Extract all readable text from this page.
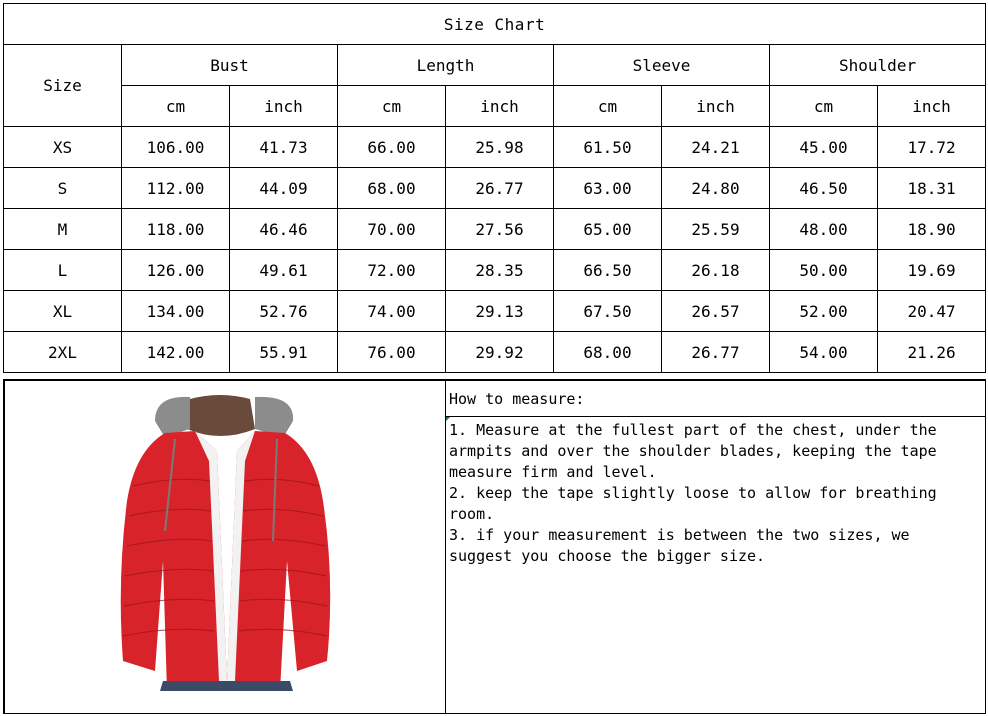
Size Chart								
Size	Bust		Length		Sleeve		Shoulder	
	cm	inch	cm	inch	cm	inch	cm	inch
XS	106.00	41.73	66.00	25.98	61.50	24.21	45.00	17.72
S	112.00	44.09	68.00	26.77	63.00	24.80	46.50	18.31
M	118.00	46.46	70.00	27.56	65.00	25.59	48.00	18.90
L	126.00	49.61	72.00	28.35	66.50	26.18	50.00	19.69
XL	134.00	52.76	74.00	29.13	67.50	26.57	52.00	20.47
2XL	142.00	55.91	76.00	29.92	68.00	26.77	54.00	21.26
How to measure:

1. Measure at the fullest part of the chest, under the armpits and over the shoulder blades, keeping the tape measure firm and level.

2. keep the tape slightly loose to allow for breathing room.

3. if your measurement is between the two sizes, we suggest you choose the bigger size.
